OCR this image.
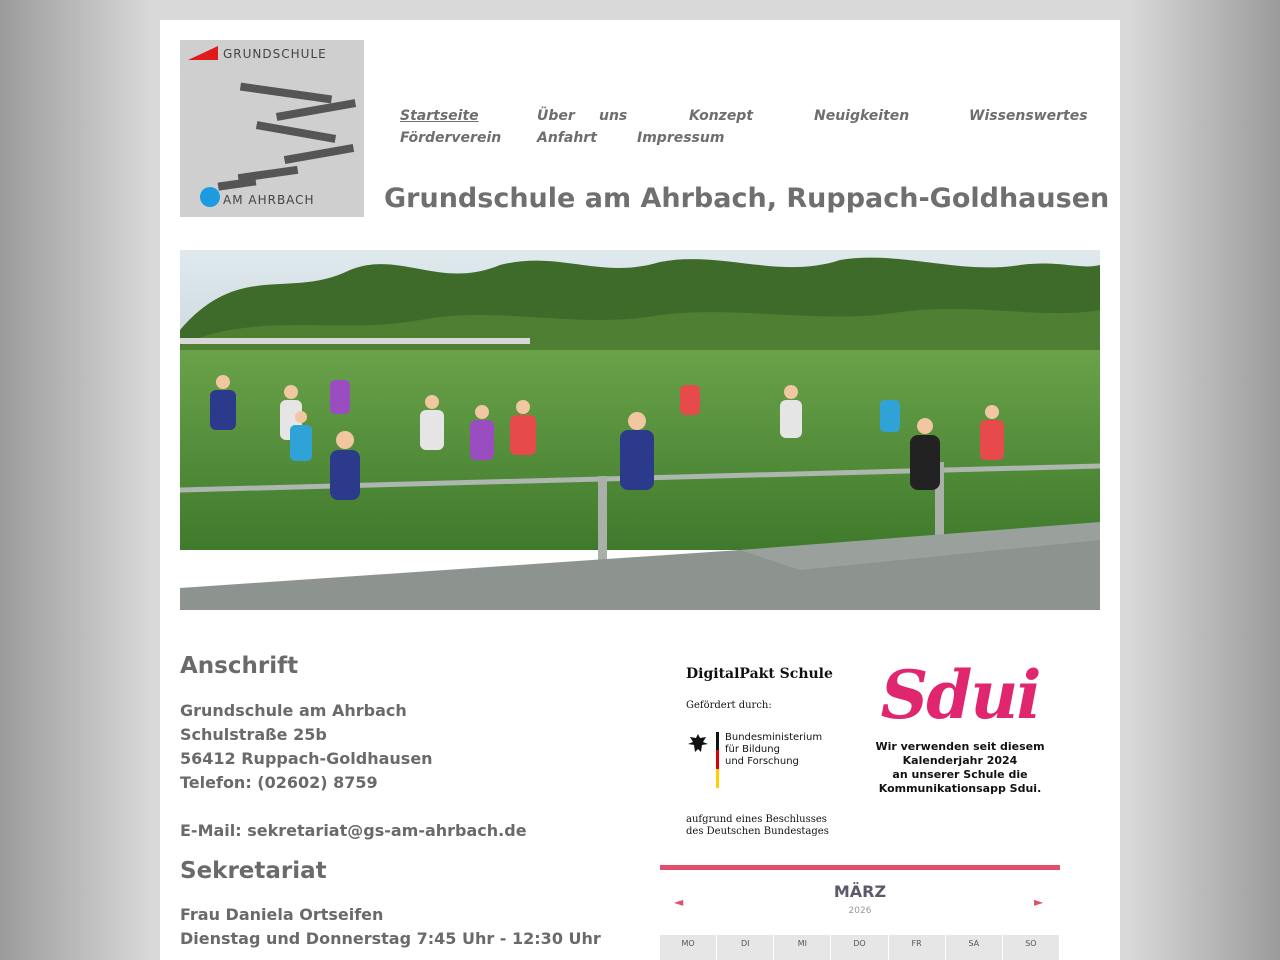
GRUNDSCHULE
AM AHRBACH
Startseite	Über uns	Konzept	Neuigkeiten	Wissenswertes
Förderverein	Anfahrt	Impressum
Grundschule am Ahrbach, Ruppach-Goldhausen
Anschrift

Grundschule am Ahrbach

Schulstraße 25b

56412 Ruppach-Goldhausen

Telefon: (02602) 8759

E-Mail: sekretariat@gs-am-ahrbach.de

Sekretariat

Frau Daniela Ortseifen

Dienstag und Donnerstag 7:45 Uhr - 12:30 Uhr

DigitalPakt Schule
Gefördert durch:
Bundesministerium
für Bildung
und Forschung
aufgrund eines Beschlusses
des Deutschen Bundestages
Sdui
Wir verwenden seit diesem
Kalenderjahr 2024
an unserer Schule die
Kommunikationsapp Sdui.
◄
MÄRZ
2026
►
MO	DI	MI	DO	FR	SA	SO
